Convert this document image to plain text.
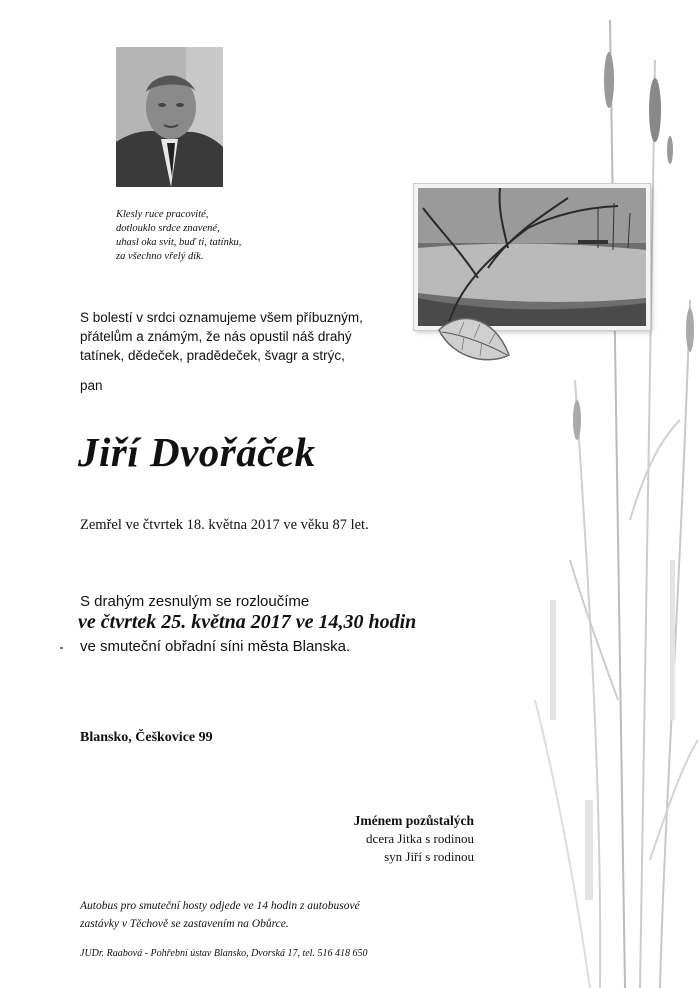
Klesly ruce pracovité,
dotlouklo srdce znavené,
uhasl oka svit, buď ti, tatínku,
za všechno vřelý dík.
S bolestí v srdci oznamujeme všem příbuzným,
přátelům a známým, že nás opustil náš drahý
tatínek, dědeček, pradědeček, švagr a strýc,
pan
Jiří Dvořáček
Zemřel ve čtvrtek 18. května 2017 ve věku 87 let.
S drahým zesnulým se rozloučíme
ve čtvrtek 25. května 2017 ve 14,30 hodin
ve smuteční obřadní síni města Blanska.
Blansko, Češkovice 99
Jménem pozůstalých
dcera Jitka s rodinou
syn Jiří s rodinou
Autobus pro smuteční hosty odjede ve 14 hodin z autobusové
zastávky v Těchově se zastavením na Obůrce.
JUDr. Raabová - Pohřební ústav Blansko, Dvorská 17, tel. 516 418 650
